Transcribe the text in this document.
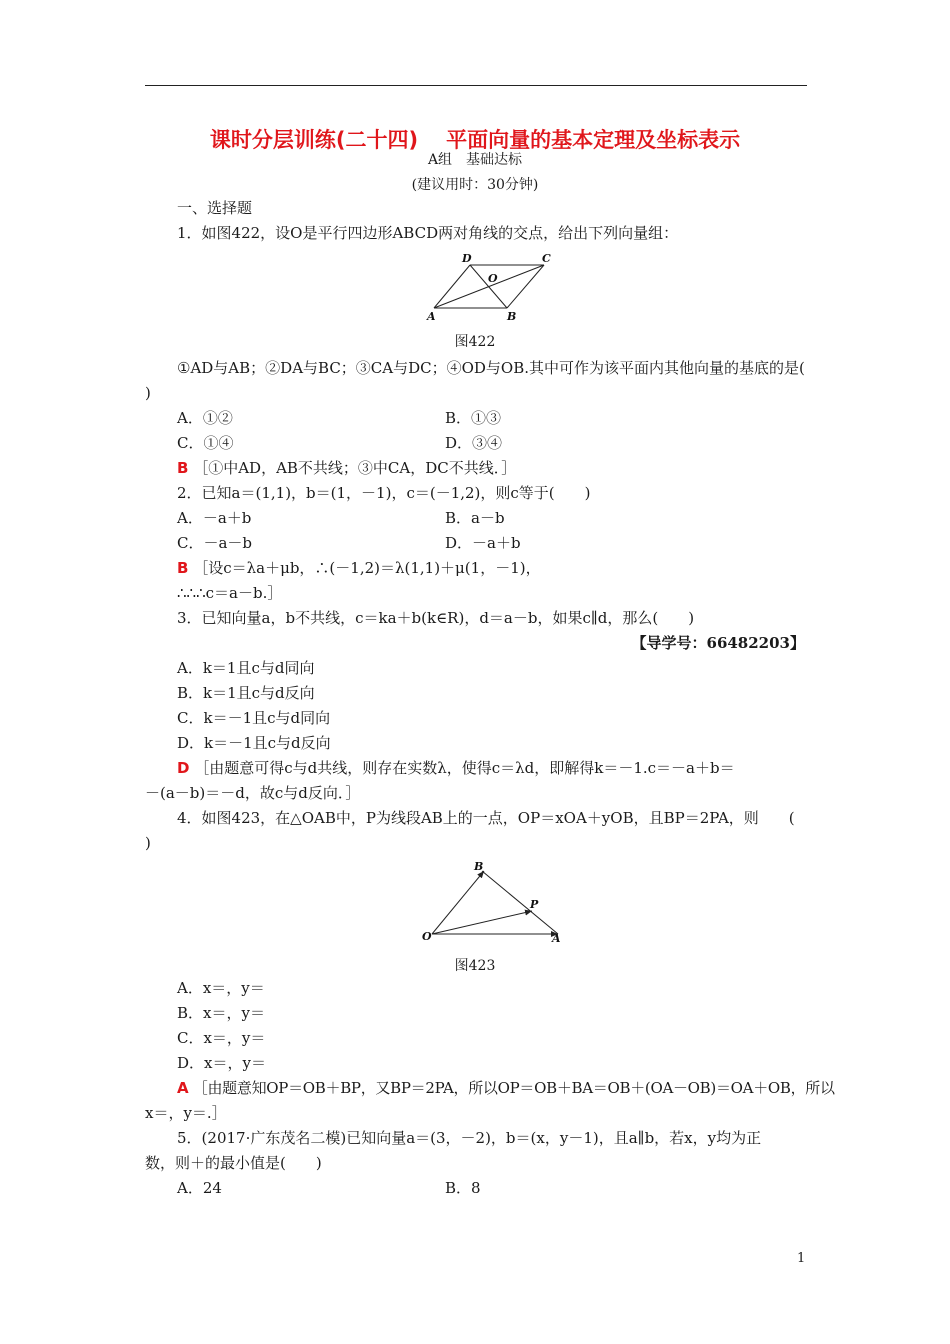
课时分层训练(二十四) 平面向量的基本定理及坐标表示
A组　基础达标
(建议用时：30分钟)
一、选择题
1．如图422，设O是平行四边形ABCD两对角线的交点，给出下列向量组：
A	B
C
D
O
图422
①AD与AB；②DA与BC；③CA与DC；④OD与OB.其中可作为该平面内其他向量的基底的是(
)
A．①②	B．①③
C．①④	D．③④
B ［①中AD，AB不共线；③中CA，DC不共线．］
2．已知a＝(1,1)，b＝(1，－1)，c＝(－1,2)，则c等于(　　)
A．－a＋b	B．a－b
C．－a－b	D．－a＋b
B ［设c＝λa＋μb，∴(－1,2)＝λ(1,1)＋μ(1，－1)，
∴∴∴c＝a－b.］
3．已知向量a，b不共线，c＝ka＋b(k∈R)，d＝a－b，如果c∥d，那么(　　)
【导学号：66482203】
A．k＝1且c与d同向
B．k＝1且c与d反向
C．k＝－1且c与d同向
D．k＝－1且c与d反向
D ［由题意可得c与d共线，则存在实数λ，使得c＝λd，即解得k＝－1.c＝－a＋b＝
－(a－b)＝－d，故c与d反向．］
4．如图423，在△OAB中，P为线段AB上的一点，OP＝xOA＋yOB，且BP＝2PA，则　　(
)
O	A
B
P
图423
A．x＝，y＝
B．x＝，y＝
C．x＝，y＝
D．x＝，y＝
A ［由题意知OP＝OB＋BP，又BP＝2PA，所以OP＝OB＋BA＝OB＋(OA－OB)＝OA＋OB，所以
x＝，y＝.］
5．(2017·广东茂名二模)已知向量a＝(3，－2)，b＝(x，y－1)，且a∥b，若x，y均为正
数，则＋的最小值是(　　)
A．24	B．8
1
